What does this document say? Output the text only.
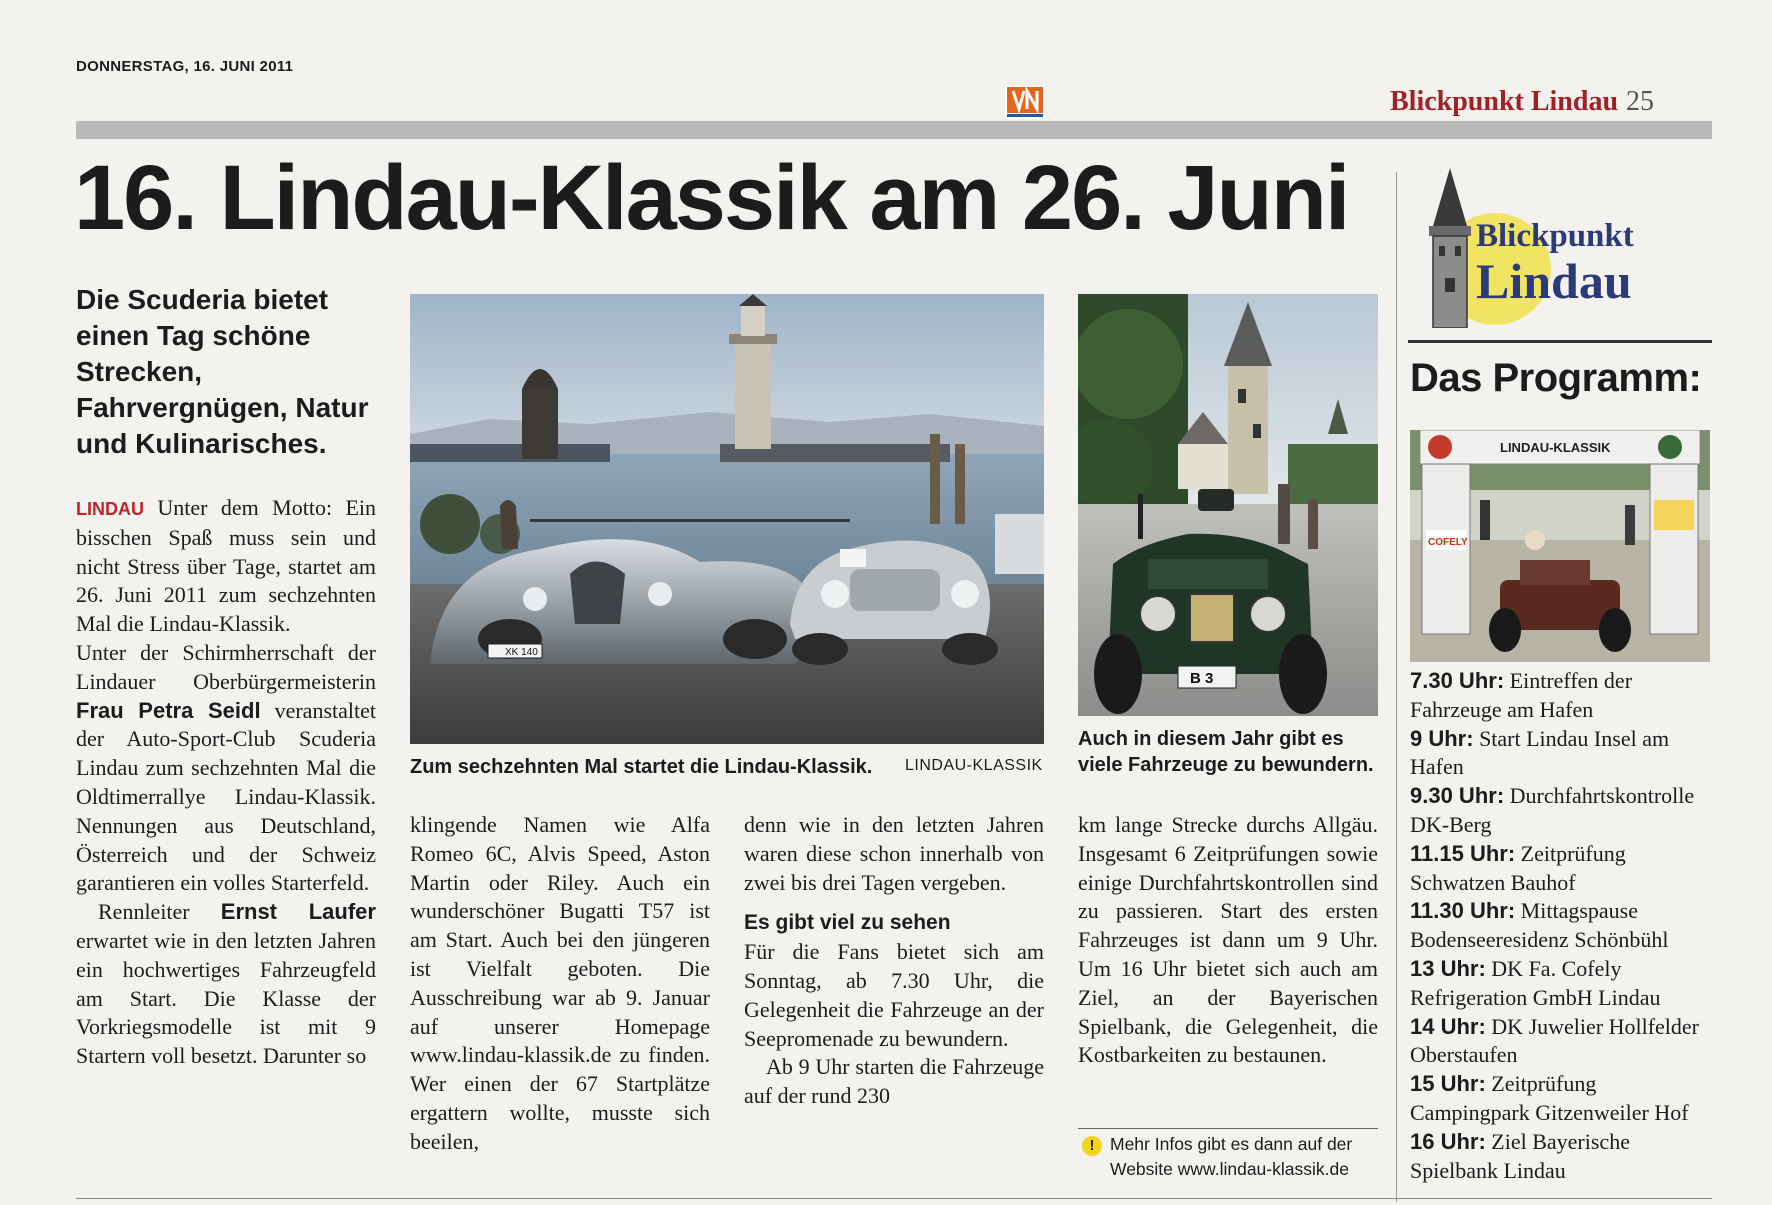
DONNERSTAG, 16. JUNI 2011
Blickpunkt Lindau 25
16. Lindau-Klassik am 26. Juni
Die Scuderia bietet einen Tag schöne Strecken, Fahrvergnügen, Natur und Kulinarisches.

LINDAU Unter dem Motto: Ein bisschen Spaß muss sein und nicht Stress über Tage, startet am 26. Juni 2011 zum sechzehnten Mal die Lindau-Klassik.

Unter der Schirmherrschaft der Lindauer Oberbürgermeisterin Frau Petra Seidl veranstaltet der Auto-Sport-Club Scuderia Lindau zum sechzehnten Mal die Oldtimerrallye Lindau-Klassik. Nennungen aus Deutschland, Österreich und der Schweiz garantieren ein volles Starterfeld.

Rennleiter Ernst Laufer erwartet wie in den letzten Jahren ein hochwertiges Fahrzeugfeld am Start. Die Klasse der Vorkriegsmodelle ist mit 9 Startern voll besetzt. Darunter so

XK 140
Zum sechzehnten Mal startet die Lindau-Klassik. LINDAU-KLASSIK
B 3
Auch in diesem Jahr gibt es viele Fahrzeuge zu bewundern.

klingende Namen wie Alfa Romeo 6C, Alvis Speed, Aston Martin oder Riley. Auch ein wunderschöner Bugatti T57 ist am Start. Auch bei den jüngeren ist Vielfalt geboten. Die Ausschreibung war ab 9. Januar auf unserer Homepage www.lindau-klassik.de zu finden. Wer einen der 67 Startplätze ergattern wollte, musste sich beeilen,

denn wie in den letzten Jahren waren diese schon innerhalb von zwei bis drei Tagen vergeben.

Es gibt viel zu sehen

Für die Fans bietet sich am Sonntag, ab 7.30 Uhr, die Gelegenheit die Fahrzeuge an der Seepromenade zu bewundern.

Ab 9 Uhr starten die Fahrzeuge auf der rund 230

km lange Strecke durchs Allgäu. Insgesamt 6 Zeitprüfungen sowie einige Durchfahrtskontrollen sind zu passieren. Start des ersten Fahrzeuges ist dann um 9 Uhr. Um 16 Uhr bietet sich auch am Ziel, an der Bayerischen Spielbank, die Gelegenheit, die Kostbarkeiten zu bestaunen.

! Mehr Infos gibt es dann auf der Website www.lindau-klassik.de
Blickpunkt
Lindau
Das Programm:
LINDAU-KLASSIK
COFELY

7.30 Uhr: Eintreffen der Fahrzeuge am Hafen

9 Uhr: Start Lindau Insel am Hafen

9.30 Uhr: Durchfahrtskontrolle DK-Berg

11.15 Uhr: Zeitprüfung Schwatzen Bauhof

11.30 Uhr: Mittagspause Bodenseeresidenz Schönbühl

13 Uhr: DK Fa. Cofely Refrigeration GmbH Lindau

14 Uhr: DK Juwelier Hollfelder Oberstaufen

15 Uhr: Zeitprüfung Campingpark Gitzenweiler Hof

16 Uhr: Ziel Bayerische Spielbank Lindau
